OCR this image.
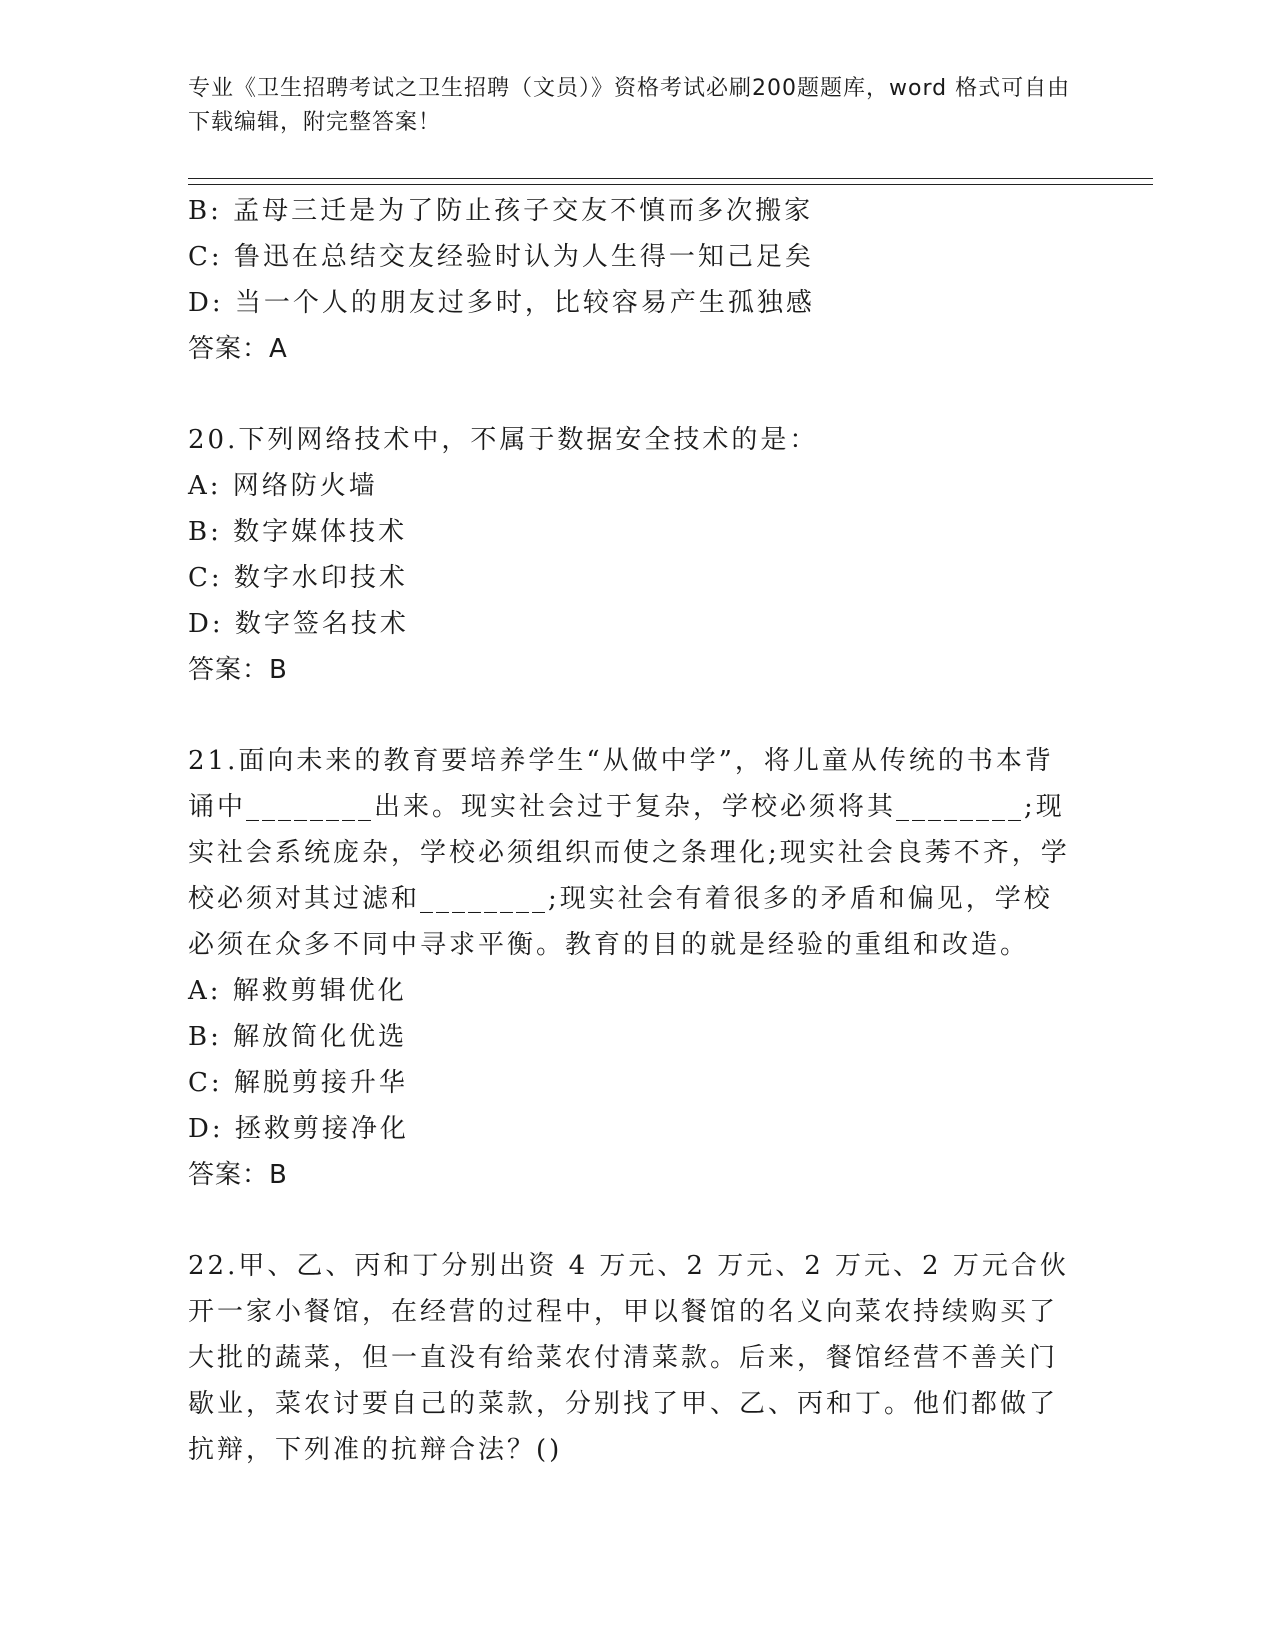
专业《卫生招聘考试之卫生招聘（文员）》资格考试必刷200题题库，word 格式可自由下载编辑，附完整答案！
B: 孟母三迁是为了防止孩子交友不慎而多次搬家
C: 鲁迅在总结交友经验时认为人生得一知己足矣
D: 当一个人的朋友过多时，比较容易产生孤独感
答案：A
20.下列网络技术中，不属于数据安全技术的是：
A: 网络防火墙
B: 数字媒体技术
C: 数字水印技术
D: 数字签名技术
答案：B
21.面向未来的教育要培养学生“从做中学”，将儿童从传统的书本背诵中________出来。现实社会过于复杂，学校必须将其________;现实社会系统庞杂，学校必须组织而使之条理化;现实社会良莠不齐，学校必须对其过滤和________;现实社会有着很多的矛盾和偏见，学校必须在众多不同中寻求平衡。教育的目的就是经验的重组和改造。
A: 解救剪辑优化
B: 解放简化优选
C: 解脱剪接升华
D: 拯救剪接净化
答案：B
22.甲、乙、丙和丁分别出资 4 万元、2 万元、2 万元、2 万元合伙开一家小餐馆，在经营的过程中，甲以餐馆的名义向菜农持续购买了大批的蔬菜，但一直没有给菜农付清菜款。后来，餐馆经营不善关门歇业，菜农讨要自己的菜款，分别找了甲、乙、丙和丁。他们都做了抗辩，下列准的抗辩合法？()
